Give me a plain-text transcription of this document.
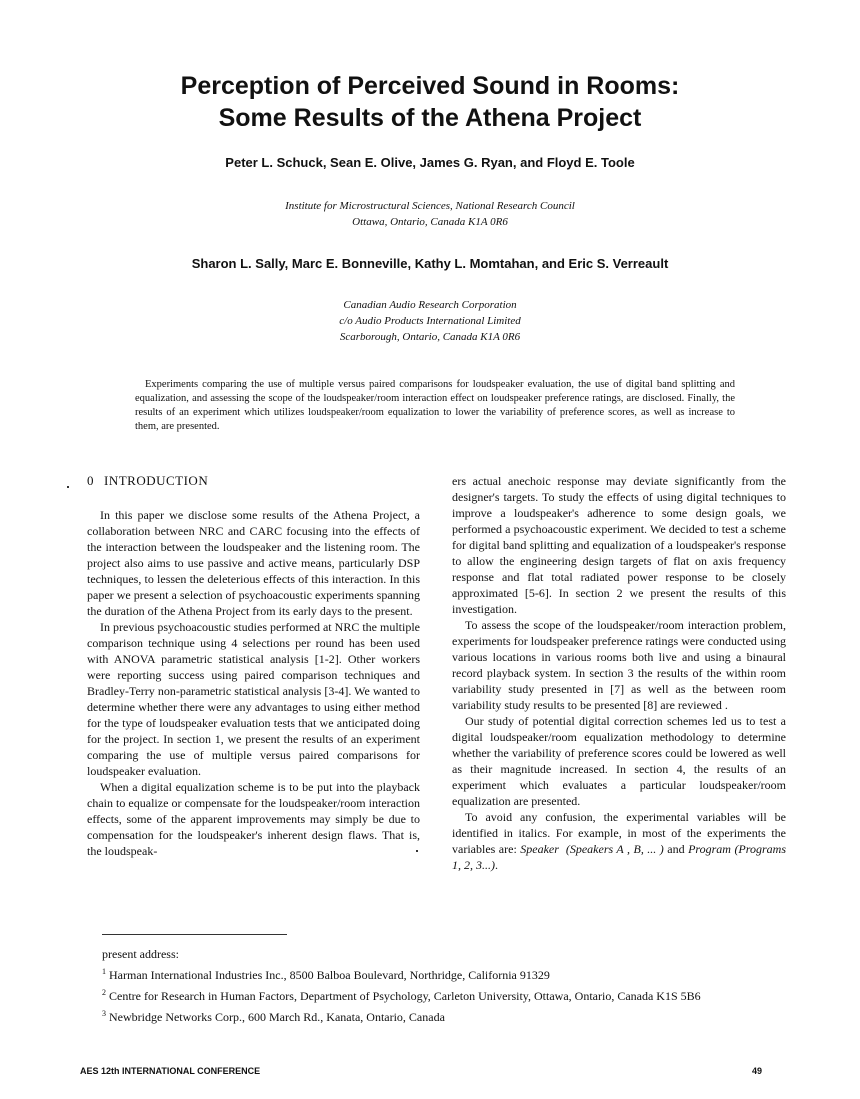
Perception of Perceived Sound in Rooms:
Some Results of the Athena Project
Peter L. Schuck, Sean E. Olive, James G. Ryan, and Floyd E. Toole
Institute for Microstructural Sciences, National Research Council
Ottawa, Ontario, Canada K1A 0R6
Sharon L. Sally, Marc E. Bonneville, Kathy L. Momtahan, and Eric S. Verreault
Canadian Audio Research Corporation
c/o Audio Products International Limited
Scarborough, Ontario, Canada K1A 0R6
Experiments comparing the use of multiple versus paired comparisons for loudspeaker evaluation, the use of digital band splitting and equalization, and assessing the scope of the loudspeaker/room interaction effect on loudspeaker preference ratings, are disclosed. Finally, the results of an experiment which utilizes loudspeaker/room equalization to lower the variability of preference scores, as well as increase to them, are presented.
0 INTRODUCTION

In this paper we disclose some results of the Athena Project, a collaboration between NRC and CARC focusing into the effects of the interaction between the loudspeaker and the listening room. The project also aims to use passive and active means, particularly DSP techniques, to lessen the deleterious effects of this interaction. In this paper we present a selection of psychoacoustic experiments spanning the duration of the Athena Project from its early days to the present.

In previous psychoacoustic studies performed at NRC the multiple comparison technique using 4 selections per round has been used with ANOVA parametric statistical analysis [1-2]. Other workers were reporting success using paired comparison techniques and Bradley-Terry non-parametric statistical analysis [3-4]. We wanted to determine whether there were any advantages to using either method for the type of loudspeaker evaluation tests that we anticipated doing for the project. In section 1, we present the results of an experiment comparing the use of multiple versus paired comparisons for loudspeaker evaluation.

When a digital equalization scheme is to be put into the playback chain to equalize or compensate for the loudspeaker/room interaction effects, some of the apparent improvements may simply be due to compensation for the loudspeaker's inherent design flaws. That is, the loudspeak-

ers actual anechoic response may deviate significantly from the designer's targets. To study the effects of using digital techniques to improve a loudspeaker's adherence to some design goals, we performed a psychoacoustic experiment. We decided to test a scheme for digital band splitting and equalization of a loudspeaker's response to allow the engineering design targets of flat on axis frequency response and flat total radiated power response to be closely approximated [5-6]. In section 2 we present the results of this investigation.

To assess the scope of the loudspeaker/room interaction problem, experiments for loudspeaker preference ratings were conducted using various locations in various rooms both live and using a binaural record playback system. In section 3 the results of the within room variability study presented in [7] as well as the between room variability study results to be presented [8] are reviewed .

Our study of potential digital correction schemes led us to test a digital loudspeaker/room equalization methodology to determine whether the variability of preference scores could be lowered as well as their magnitude increased. In section 4, the results of an experiment which evaluates a particular loudspeaker/room equalization are presented.

To avoid any confusion, the experimental variables will be identified in italics. For example, in most of the experiments the variables are: Speaker (Speakers A , B, ... ) and Program (Programs 1, 2, 3...).

present address:
$^1$ Harman International Industries Inc., 8500 Balboa Boulevard, Northridge, California 91329
$^2$ Centre for Research in Human Factors, Department of Psychology, Carleton University, Ottawa, Ontario, Canada K1S 5B6
$^3$ Newbridge Networks Corp., 600 March Rd., Kanata, Ontario, Canada
AES 12th INTERNATIONAL CONFERENCE	49
